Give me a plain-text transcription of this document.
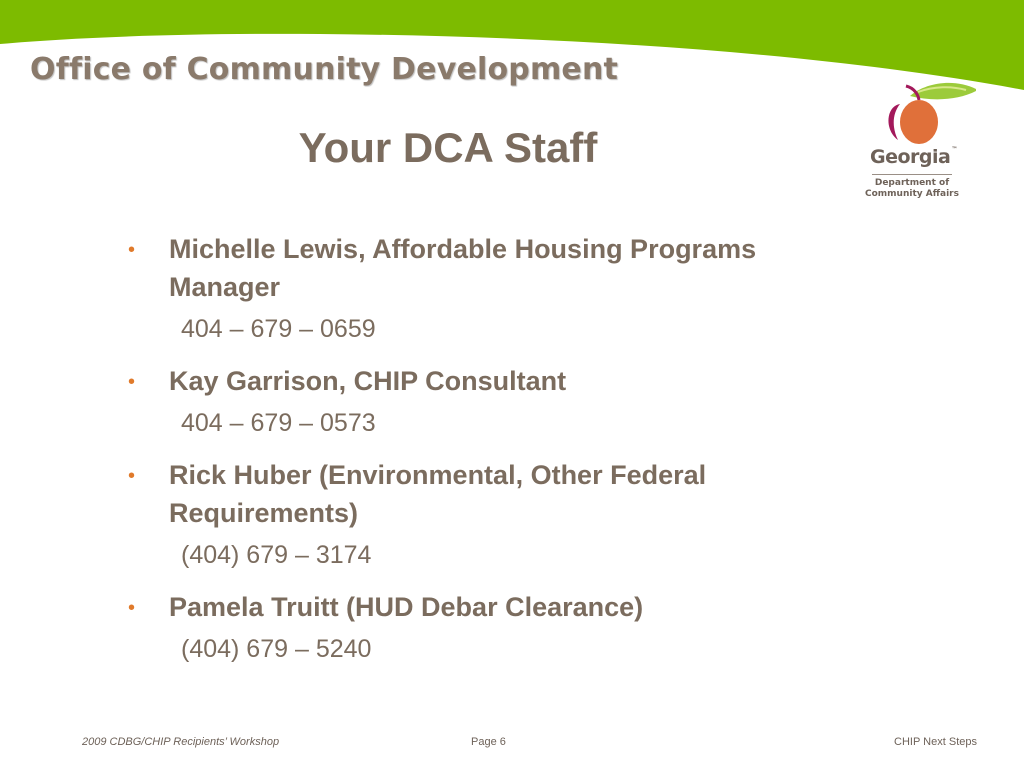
Office of Community Development
Georgia™
Department of
Community Affairs
Your DCA Staff
• Michelle Lewis, Affordable Housing Programs Manager
404 – 679 – 0659
• Kay Garrison, CHIP Consultant
404 – 679 – 0573
• Rick Huber (Environmental, Other Federal Requirements)
(404) 679 – 3174
• Pamela Truitt (HUD Debar Clearance)
(404) 679 – 5240
2009 CDBG/CHIP Recipients’ Workshop	Page 6	CHIP Next Steps
